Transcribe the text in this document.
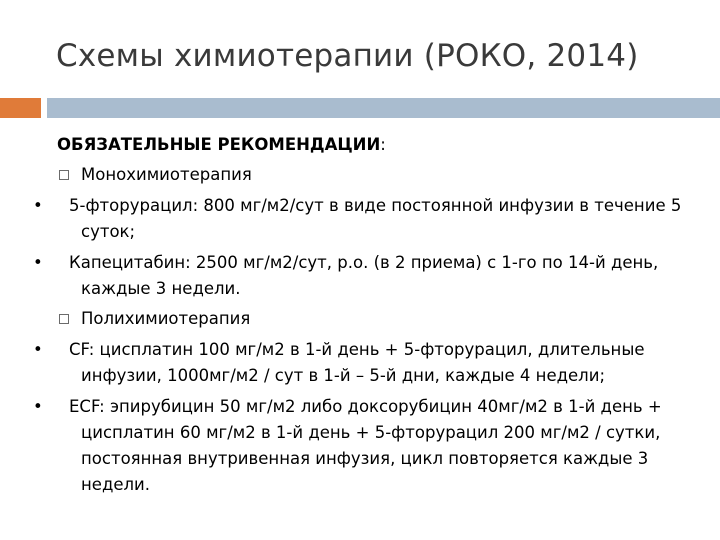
Схемы химиотерапии (РОКО, 2014)
ОБЯЗАТЕЛЬНЫЕ РЕКОМЕНДАЦИИ:
Монохимиотерапия
• 5-фторурацил: 800 мг/м2/сут в виде постоянной инфузии в течение 5 суток;
• Капецитабин: 2500 мг/м2/сут, р.о. (в 2 приема) с 1-го по 14-й день, каждые 3 недели.
Полихимиотерапия
• CF: цисплатин 100 мг/м2 в 1-й день + 5-фторурацил, длительные инфузии, 1000мг/м2 / сут в 1-й – 5-й дни, каждые 4 недели;
• ECF: эпирубицин 50 мг/м2 либо доксорубицин 40мг/м2 в 1-й день + цисплатин 60 мг/м2 в 1-й день + 5-фторурацил 200 мг/м2 / сутки, постоянная внутривенная инфузия, цикл повторяется каждые 3 недели.
